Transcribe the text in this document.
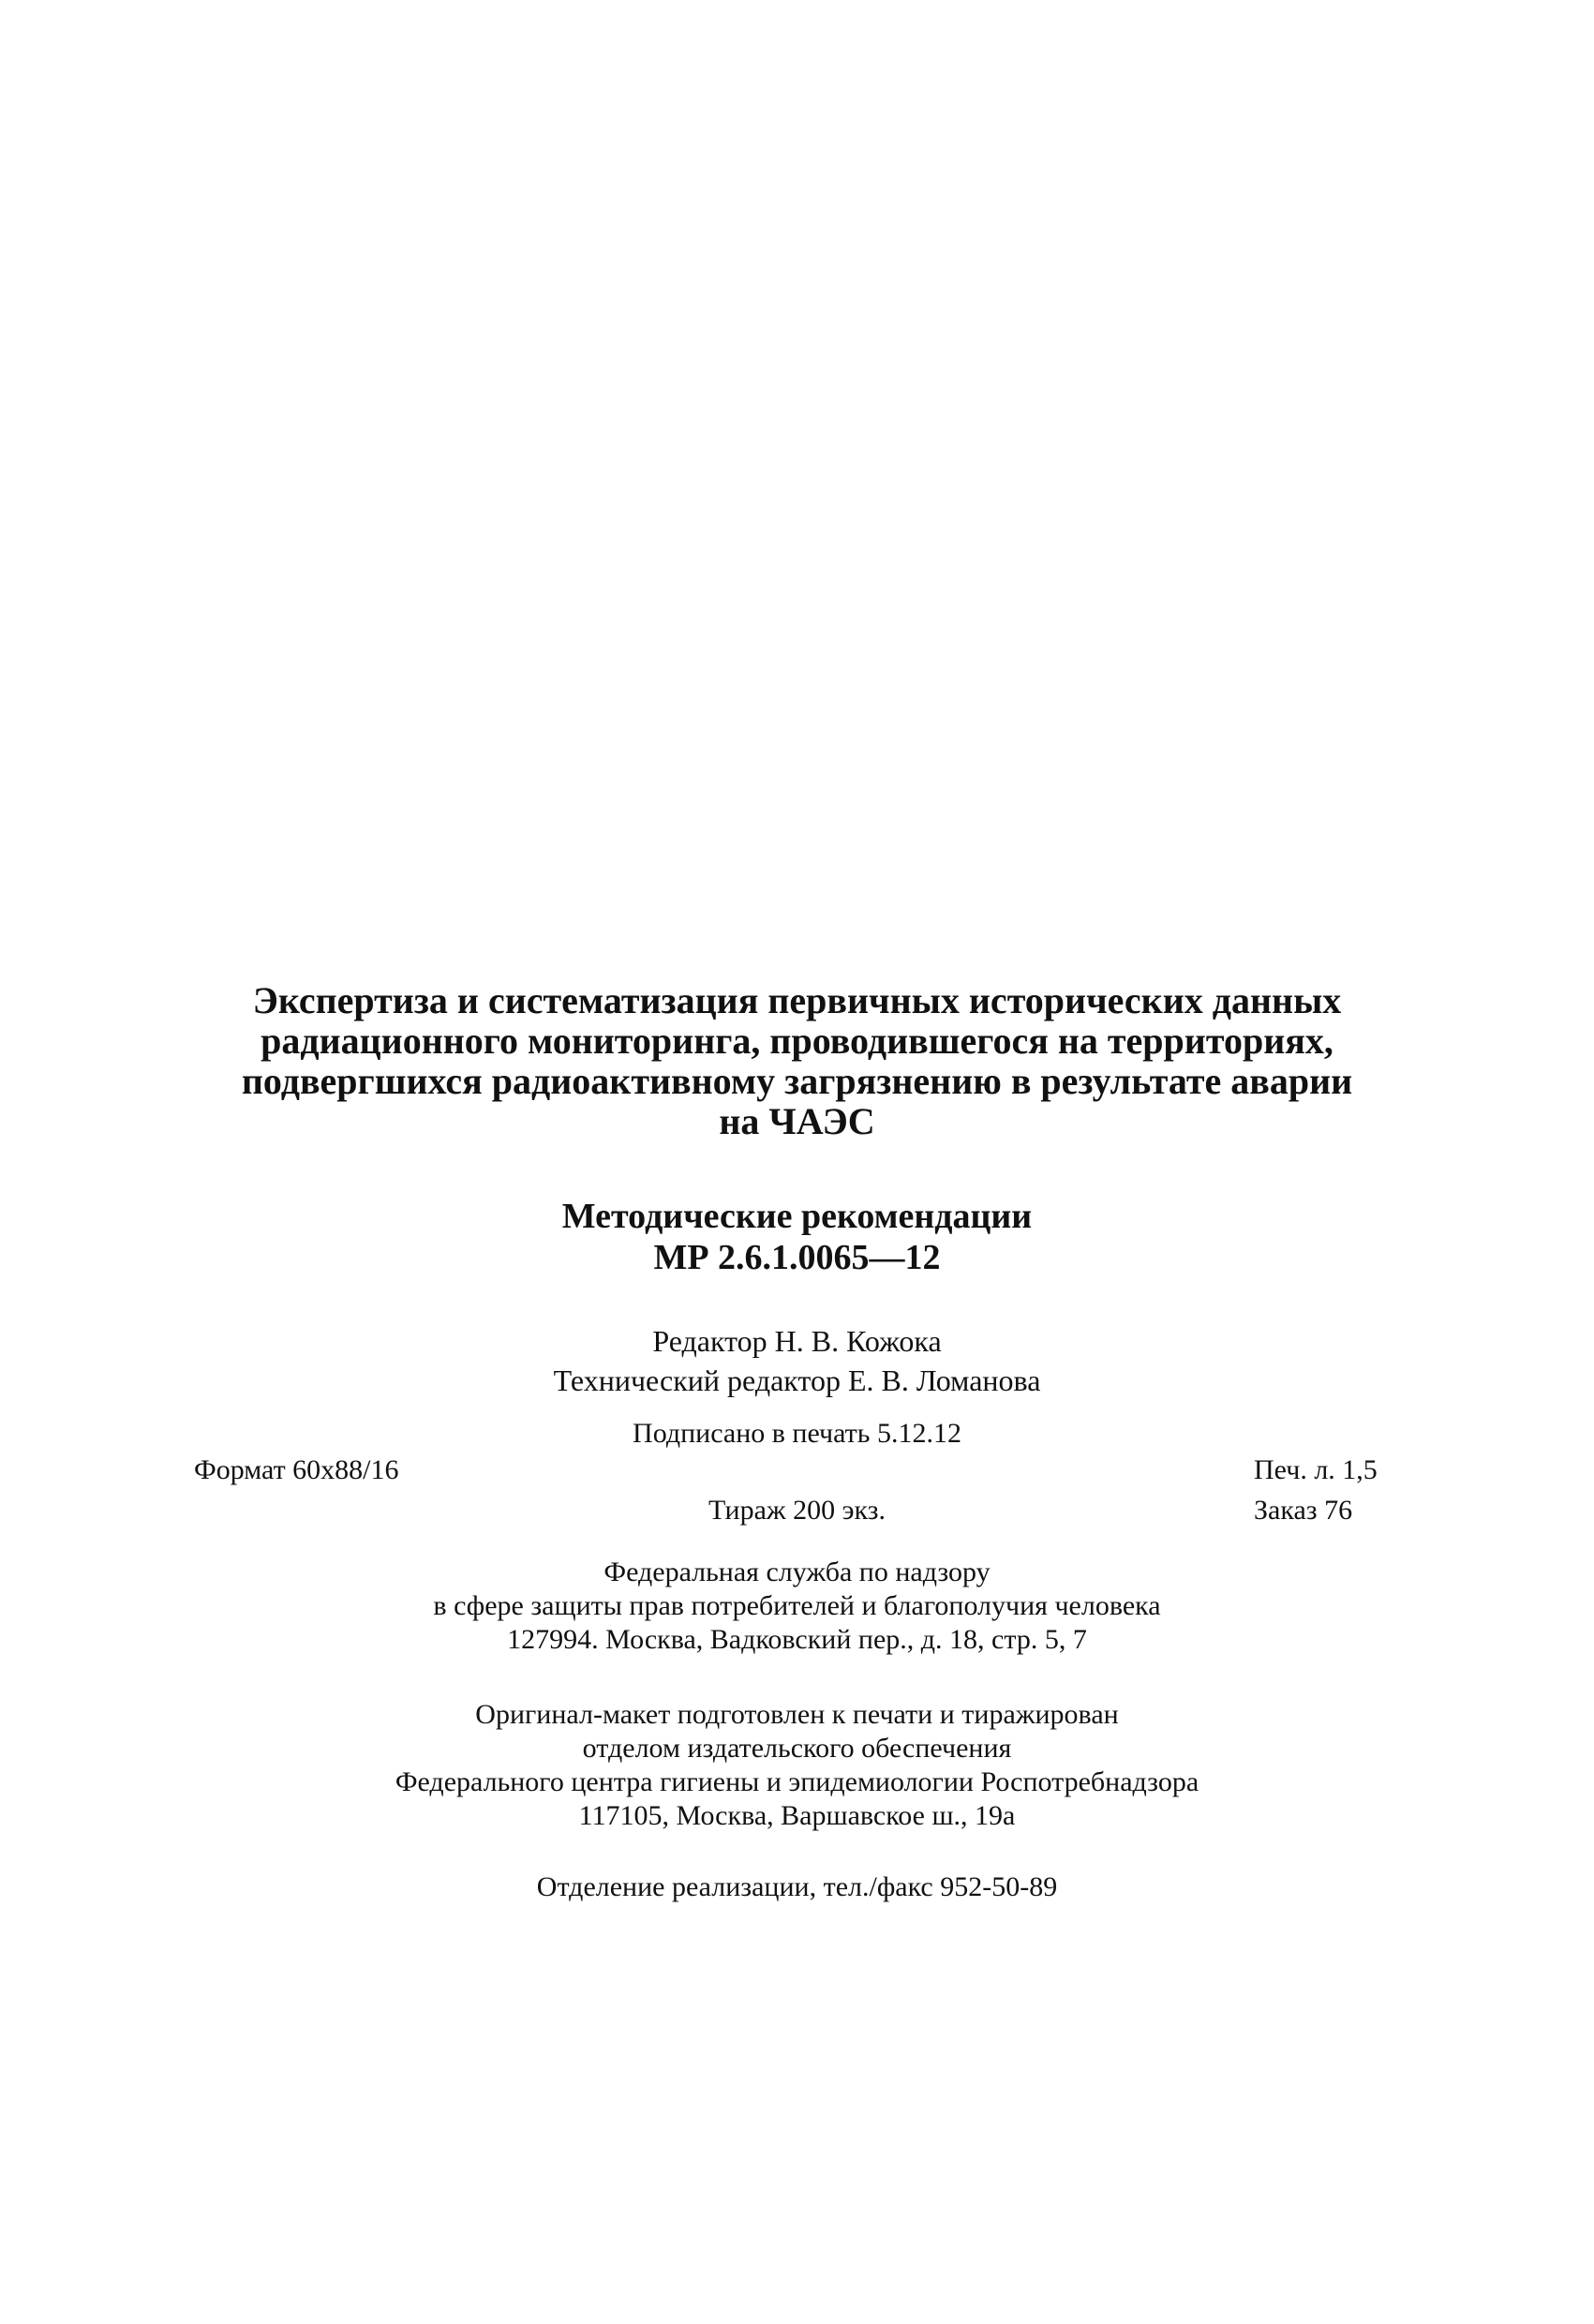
Экспертиза и систематизация первичных исторических данных
радиационного мониторинга, проводившегося на территориях,
подвергшихся радиоактивному загрязнению в результате аварии
на ЧАЭС
Методические рекомендации
МР 2.6.1.0065—12
Редактор Н. В. Кожока
Технический редактор Е. В. Ломанова
Подписано в печать 5.12.12
Формат 60x88/16	Печ. л. 1,5
Тираж 200 экз.	Заказ 76
Федеральная служба по надзору
в сфере защиты прав потребителей и благополучия человека
127994. Москва, Вадковский пер., д. 18, стр. 5, 7
Оригинал-макет подготовлен к печати и тиражирован
отделом издательского обеспечения
Федерального центра гигиены и эпидемиологии Роспотребнадзора
117105, Москва, Варшавское ш., 19а
Отделение реализации, тел./факс 952-50-89
